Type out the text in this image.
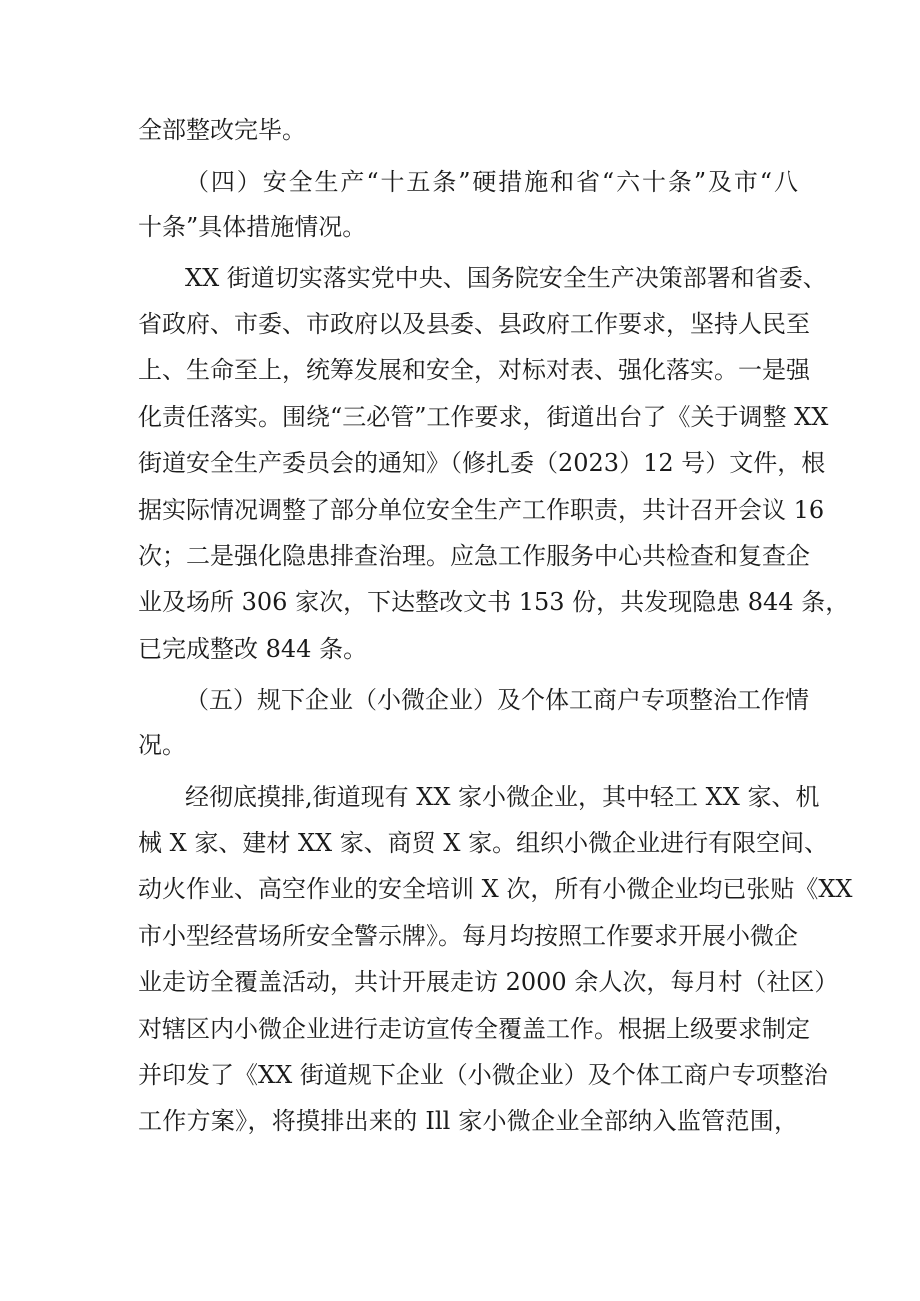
全部整改完毕。
（四）安全生产“十五条”硬措施和省“六十条”及市“八
十条”具体措施情况。
XX 街道切实落实党中央、国务院安全生产决策部署和省委、
省政府、市委、市政府以及县委、县政府工作要求，坚持人民至
上、生命至上，统筹发展和安全，对标对表、强化落实。一是强
化责任落实。围绕“三必管”工作要求，街道出台了《关于调整 XX
街道安全生产委员会的通知》（修扎委（2023）12 号）文件，根
据实际情况调整了部分单位安全生产工作职责，共计召开会议 16
次；二是强化隐患排查治理。应急工作服务中心共检查和复查企
业及场所 306 家次，下达整改文书 153 份，共发现隐患 844 条，
已完成整改 844 条。
（五）规下企业（小微企业）及个体工商户专项整治工作情
况。
经彻底摸排,街道现有 XX 家小微企业，其中轻工 XX 家、机
械 X 家、建材 XX 家、商贸 X 家。组织小微企业进行有限空间、
动火作业、高空作业的安全培训 X 次，所有小微企业均已张贴《XX
市小型经营场所安全警示牌》。每月均按照工作要求开展小微企
业走访全覆盖活动，共计开展走访 2000 余人次，每月村（社区）
对辖区内小微企业进行走访宣传全覆盖工作。根据上级要求制定
并印发了《XX 街道规下企业（小微企业）及个体工商户专项整治
工作方案》，将摸排出来的 Ill 家小微企业全部纳入监管范围，
